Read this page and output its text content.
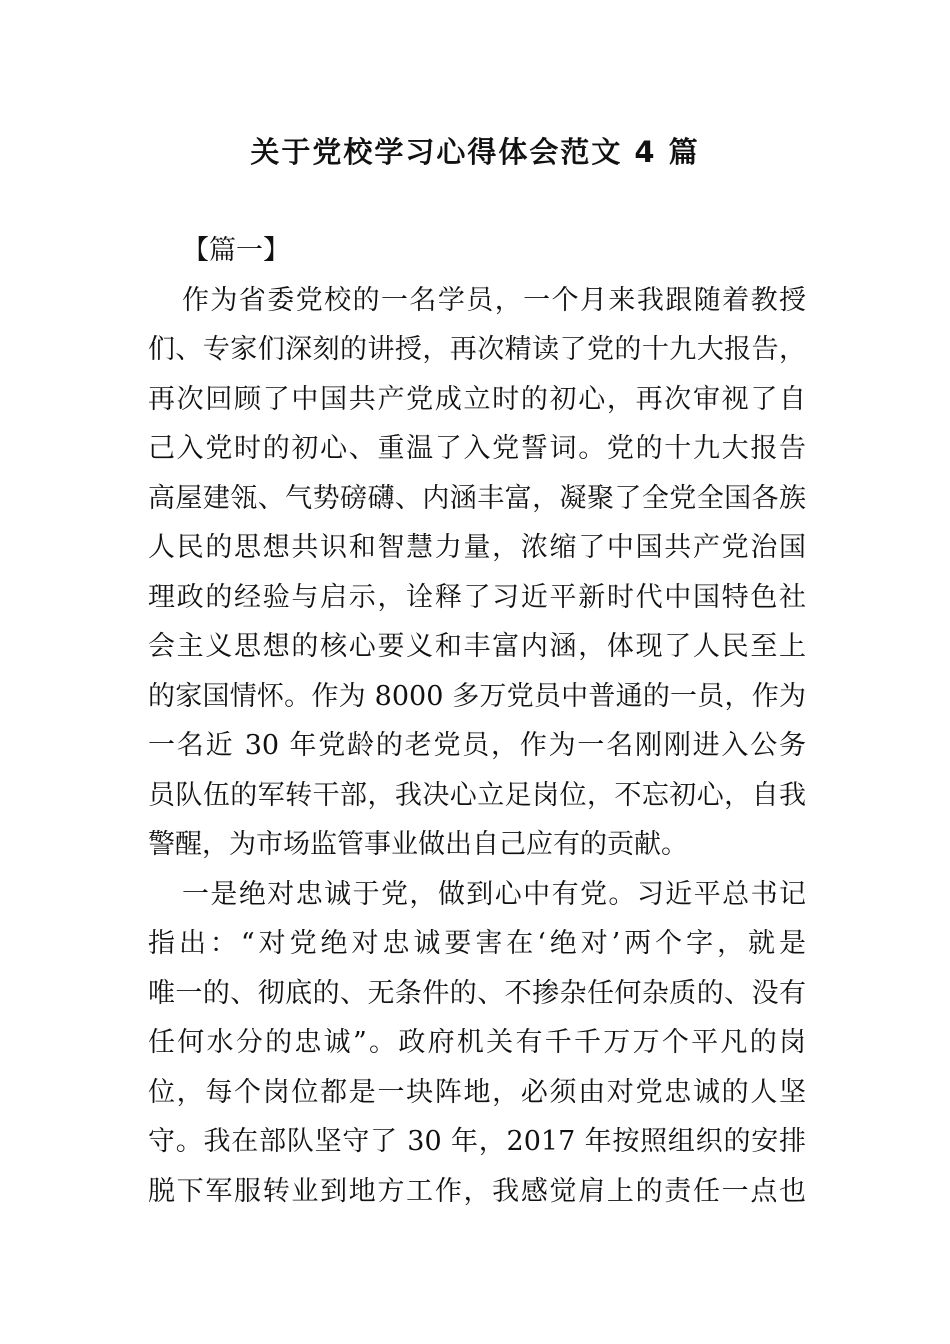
关于党校学习心得体会范文 4 篇
【篇一】
作为省委党校的一名学员，一个月来我跟随着教授
们、专家们深刻的讲授，再次精读了党的十九大报告，
再次回顾了中国共产党成立时的初心，再次审视了自
己入党时的初心、重温了入党誓词。党的十九大报告
高屋建瓴、气势磅礴、内涵丰富，凝聚了全党全国各族
人民的思想共识和智慧力量，浓缩了中国共产党治国
理政的经验与启示，诠释了习近平新时代中国特色社
会主义思想的核心要义和丰富内涵，体现了人民至上
的家国情怀。作为 8000 多万党员中普通的一员，作为
一名近 30 年党龄的老党员，作为一名刚刚进入公务
员队伍的军转干部，我决心立足岗位，不忘初心，自我
警醒，为市场监管事业做出自己应有的贡献。
一是绝对忠诚于党，做到心中有党。习近平总书记
指出：“对党绝对忠诚要害在‘绝对’两个字，就是
唯一的、彻底的、无条件的、不掺杂任何杂质的、没有
任何水分的忠诚”。政府机关有千千万万个平凡的岗
位，每个岗位都是一块阵地，必须由对党忠诚的人坚
守。我在部队坚守了 30 年，2017 年按照组织的安排
脱下军服转业到地方工作，我感觉肩上的责任一点也
